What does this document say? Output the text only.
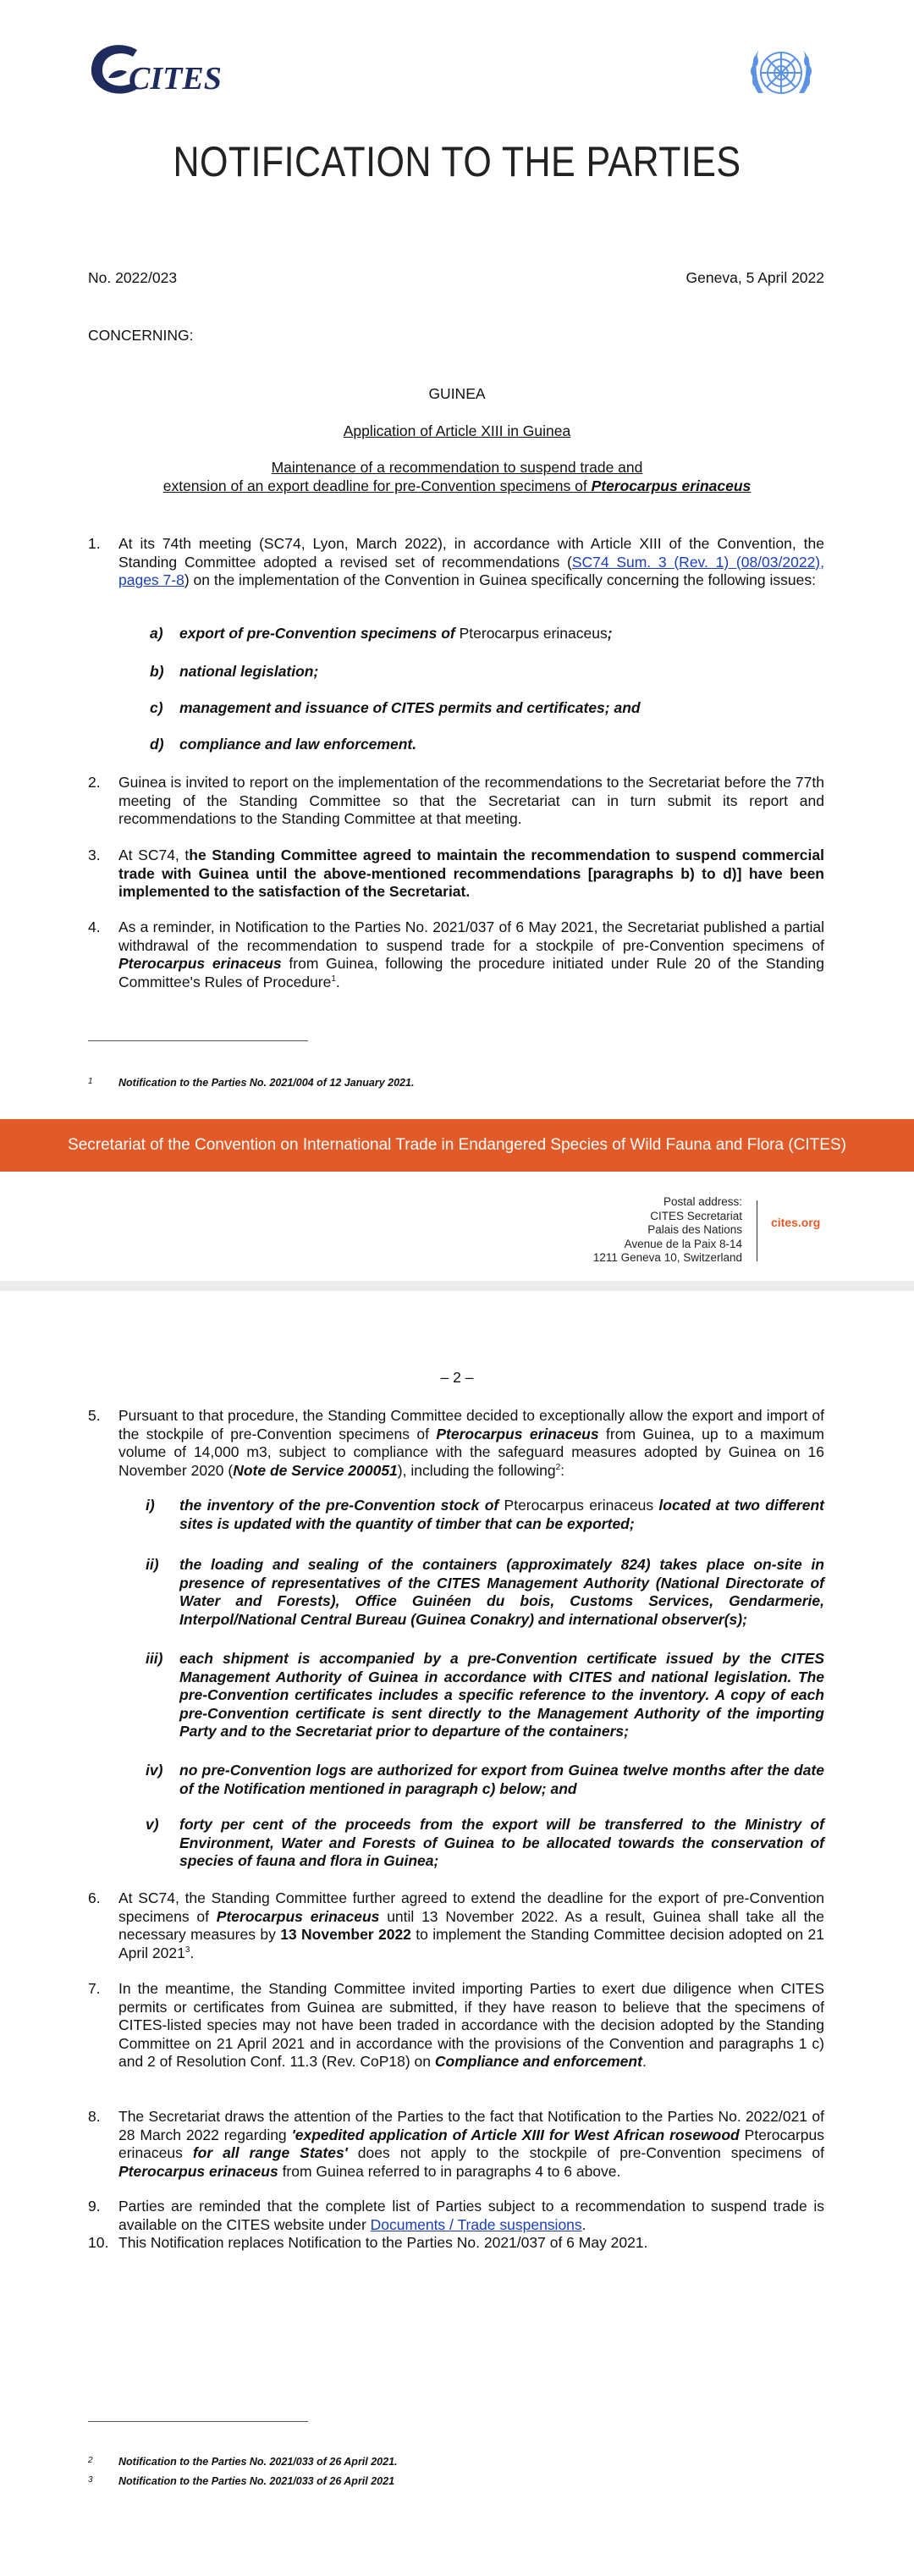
CITES
NOTIFICATION TO THE PARTIES
No. 2022/023	Geneva, 5 April 2022
CONCERNING:
GUINEA
Application of Article XIII in Guinea
Maintenance of a recommendation to suspend trade and
extension of an export deadline for pre-Convention specimens of Pterocarpus erinaceus
1.	At its 74th meeting (SC74, Lyon, March 2022), in accordance with Article XIII of the Convention, the Standing Committee adopted a revised set of recommendations (SC74 Sum. 3 (Rev. 1) (08/03/2022), pages 7-8) on the implementation of the Convention in Guinea specifically concerning the following issues:
a)	export of pre-Convention specimens of Pterocarpus erinaceus;
b)	national legislation;
c)	management and issuance of CITES permits and certificates; and
d)	compliance and law enforcement.
2.	Guinea is invited to report on the implementation of the recommendations to the Secretariat before the 77th meeting of the Standing Committee so that the Secretariat can in turn submit its report and recommendations to the Standing Committee at that meeting.
3.	At SC74, the Standing Committee agreed to maintain the recommendation to suspend commercial trade with Guinea until the above-mentioned recommendations [paragraphs b) to d)] have been implemented to the satisfaction of the Secretariat.
4.	As a reminder, in Notification to the Parties No. 2021/037 of 6 May 2021, the Secretariat published a partial withdrawal of the recommendation to suspend trade for a stockpile of pre-Convention specimens of Pterocarpus erinaceus from Guinea, following the procedure initiated under Rule 20 of the Standing Committee's Rules of Procedure$^1$.
1 Notification to the Parties No. 2021/004 of 12 January 2021.
Secretariat of the Convention on International Trade in Endangered Species of Wild Fauna and Flora (CITES)
Postal address:
CITES Secretariat
Palais des Nations
Avenue de la Paix 8-14
1211 Geneva 10, Switzerland
cites.org
– 2 –
5.	Pursuant to that procedure, the Standing Committee decided to exceptionally allow the export and import of the stockpile of pre-Convention specimens of Pterocarpus erinaceus from Guinea, up to a maximum volume of 14,000 m3, subject to compliance with the safeguard measures adopted by Guinea on 16 November 2020 (Note de Service 200051), including the following$^2$:
i)	the inventory of the pre-Convention stock of Pterocarpus erinaceus located at two different sites is updated with the quantity of timber that can be exported;
ii)	the loading and sealing of the containers (approximately 824) takes place on-site in presence of representatives of the CITES Management Authority (National Directorate of Water and Forests), Office Guinéen du bois, Customs Services, Gendarmerie, Interpol/National Central Bureau (Guinea Conakry) and international observer(s);
iii)	each shipment is accompanied by a pre-Convention certificate issued by the CITES Management Authority of Guinea in accordance with CITES and national legislation. The pre-Convention certificates includes a specific reference to the inventory. A copy of each pre-Convention certificate is sent directly to the Management Authority of the importing Party and to the Secretariat prior to departure of the containers;
iv)	no pre-Convention logs are authorized for export from Guinea twelve months after the date of the Notification mentioned in paragraph c) below; and
v)	forty per cent of the proceeds from the export will be transferred to the Ministry of Environment, Water and Forests of Guinea to be allocated towards the conservation of species of fauna and flora in Guinea;
6.	At SC74, the Standing Committee further agreed to extend the deadline for the export of pre-Convention specimens of Pterocarpus erinaceus until 13 November 2022. As a result, Guinea shall take all the necessary measures by 13 November 2022 to implement the Standing Committee decision adopted on 21 April 2021$^3$.
7.	In the meantime, the Standing Committee invited importing Parties to exert due diligence when CITES permits or certificates from Guinea are submitted, if they have reason to believe that the specimens of CITES-listed species may not have been traded in accordance with the decision adopted by the Standing Committee on 21 April 2021 and in accordance with the provisions of the Convention and paragraphs 1 c) and 2 of Resolution Conf. 11.3 (Rev. CoP18) on Compliance and enforcement.
8.	The Secretariat draws the attention of the Parties to the fact that Notification to the Parties No. 2022/021 of 28 March 2022 regarding 'expedited application of Article XIII for West African rosewood Pterocarpus erinaceus for all range States' does not apply to the stockpile of pre-Convention specimens of Pterocarpus erinaceus from Guinea referred to in paragraphs 4 to 6 above.
9.	Parties are reminded that the complete list of Parties subject to a recommendation to suspend trade is available on the CITES website under Documents / Trade suspensions.
10. This Notification replaces Notification to the Parties No. 2021/037 of 6 May 2021.
2 Notification to the Parties No. 2021/033 of 26 April 2021.
3 Notification to the Parties No. 2021/033 of 26 April 2021
